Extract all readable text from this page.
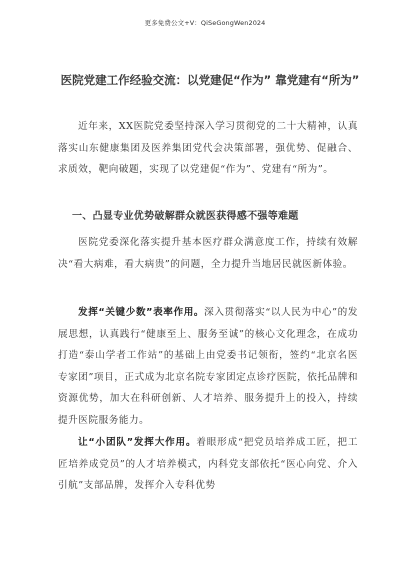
更多免费公文+V：QiSeGongWen2024
医院党建工作经验交流：以党建促“作为” 靠党建有“所为”
近年来，XX医院党委坚持深入学习贯彻党的二十大精神，认真落实山东健康集团及医养集团党代会决策部署，强优势、促融合、求质效，靶向破题，实现了以党建促“作为”、党建有“所为”。
一、凸显专业优势破解群众就医获得感不强等难题
医院党委深化落实提升基本医疗群众满意度工作，持续有效解决“看大病难，看大病贵”的问题，全力提升当地居民就医新体验。
发挥“关键少数”表率作用。深入贯彻落实“以人民为中心”的发展思想，认真践行“健康至上、服务至诚”的核心文化理念，在成功打造“泰山学者工作站”的基础上由党委书记领衔，签约“北京名医专家团”项目，正式成为北京名院专家团定点诊疗医院，依托品牌和资源优势，加大在科研创新、人才培养、服务提升上的投入，持续提升医院服务能力。
让“小团队”发挥大作用。着眼形成“把党员培养成工匠，把工匠培养成党员”的人才培养模式，内科党支部依托“医心向党、介入引航”支部品牌，发挥介入专科优势
